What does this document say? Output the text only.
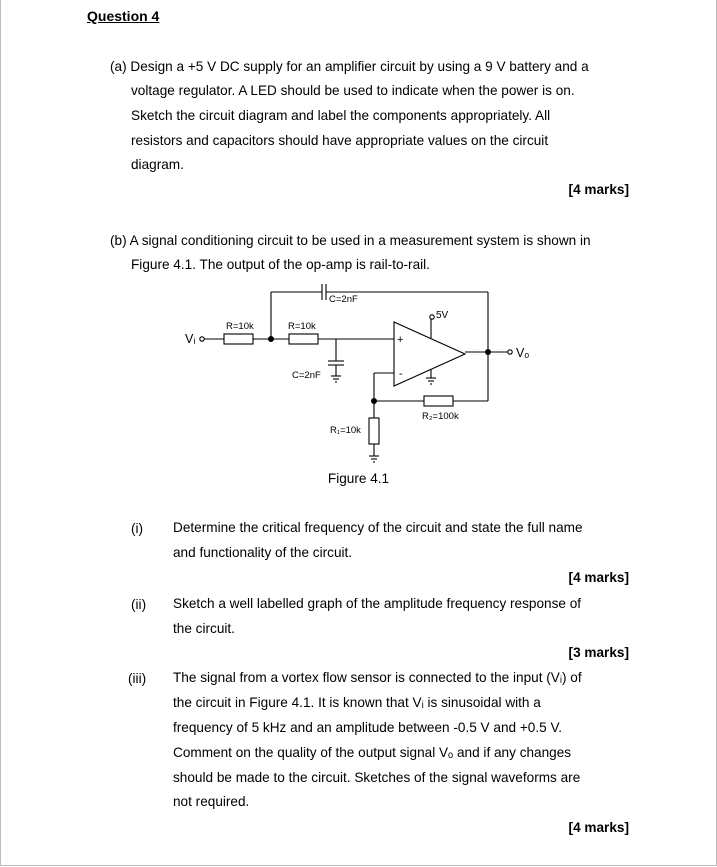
Question 4
(a) Design a +5 V DC supply for an amplifier circuit by using a 9 V battery and a
voltage regulator. A LED should be used to indicate when the power is on.
Sketch the circuit diagram and label the components appropriately. All
resistors and capacitors should have appropriate values on the circuit
diagram.
[4 marks]
(b) A signal conditioning circuit to be used in a measurement system is shown in
Figure 4.1. The output of the op-amp is rail-to-rail.
Vᵢ
R=10k	R=10k
C=2nF
C=2nF
5V
Vₒ
R₁=10k
R₂=100k
+
-
Figure 4.1
(i) Determine the critical frequency of the circuit and state the full name
and functionality of the circuit.
[4 marks]
(ii) Sketch a well labelled graph of the amplitude frequency response of
the circuit.
[3 marks]
(iii) The signal from a vortex flow sensor is connected to the input (Vᵢ) of
the circuit in Figure 4.1. It is known that Vᵢ is sinusoidal with a
frequency of 5 kHz and an amplitude between -0.5 V and +0.5 V.
Comment on the quality of the output signal Vₒ and if any changes
should be made to the circuit. Sketches of the signal waveforms are
not required.
[4 marks]
